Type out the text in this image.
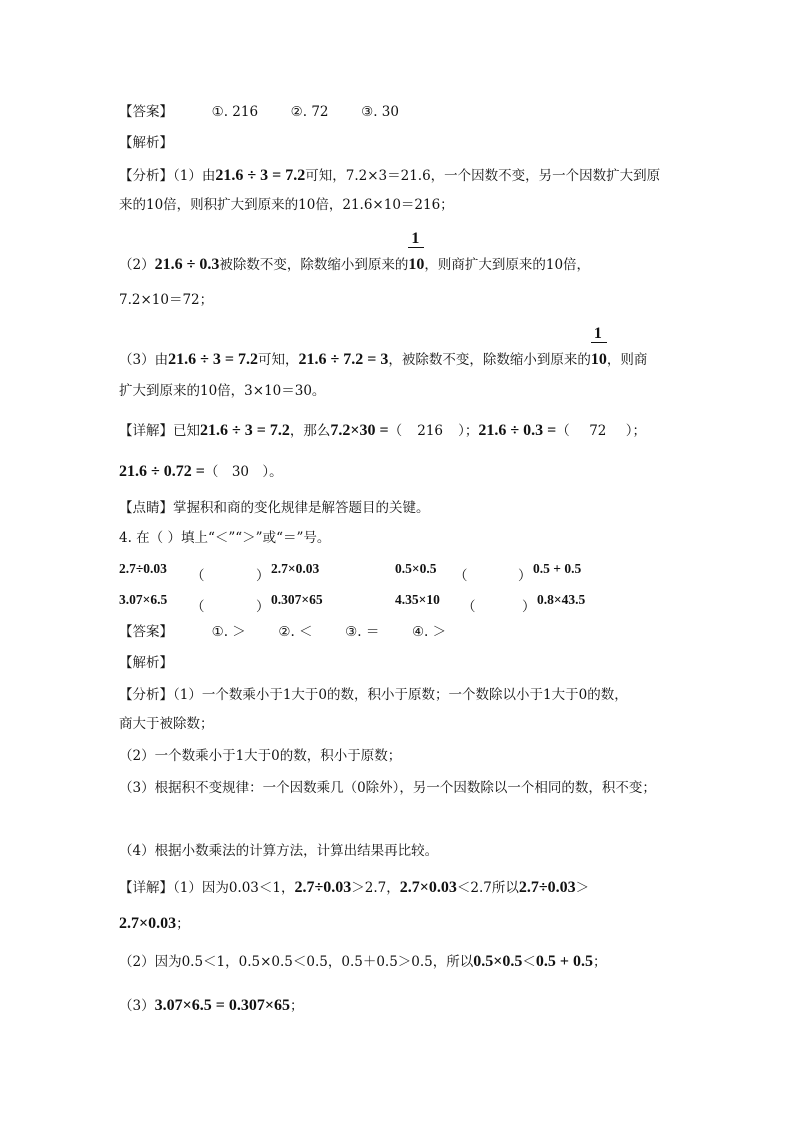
【答案】	①. 216 ②. 72 ③. 30
【解析】
【分析】（1）由21.6 ÷ 3 = 7.2可知，7.2×3＝21.6，一个因数不变，另一个因数扩大到原
来的10倍，则积扩大到原来的10倍，21.6×10＝216；
（2）21.6 ÷ 0.3被除数不变，除数缩小到原来的 $\frac{1}{10}$，则商扩大到原来的10倍，
7.2×10＝72；
（3）由21.6 ÷ 3 = 7.2可知，21.6 ÷ 7.2 = 3，被除数不变，除数缩小到原来的 $\frac{1}{10}$，则商
扩大到原来的10倍，3×10＝30。
【详解】已知21.6 ÷ 3 = 7.2，那么7.2×30 =（ 216 ）；21.6 ÷ 0.3 =（ 72 ）；
21.6 ÷ 0.72 =（ 30 ）。
【点睛】掌握积和商的变化规律是解答题目的关键。
4. 在（ ）填上“＜”“＞”或“＝”号。
2.7÷0.03 （	） 2.7×0.03	0.5×0.5 （	） 0.5 + 0.5
3.07×6.5 （	） 0.307×65	4.35×10 （	） 0.8×43.5
【答案】	①. ＞ ②. ＜ ③. ＝ ④. ＞
【解析】
【分析】（1）一个数乘小于1大于0的数，积小于原数；一个数除以小于1大于0的数，
商大于被除数；
（2）一个数乘小于1大于0的数，积小于原数；
（3）根据积不变规律：一个因数乘几（0除外），另一个因数除以一个相同的数，积不变；
（4）根据小数乘法的计算方法，计算出结果再比较。
【详解】（1）因为0.03＜1，2.7÷0.03＞2.7，2.7×0.03＜2.7所以2.7÷0.03＞
2.7×0.03；
（2）因为0.5＜1，0.5×0.5＜0.5，0.5＋0.5＞0.5，所以0.5×0.5＜0.5 + 0.5；
（3）3.07×6.5 = 0.307×65；
